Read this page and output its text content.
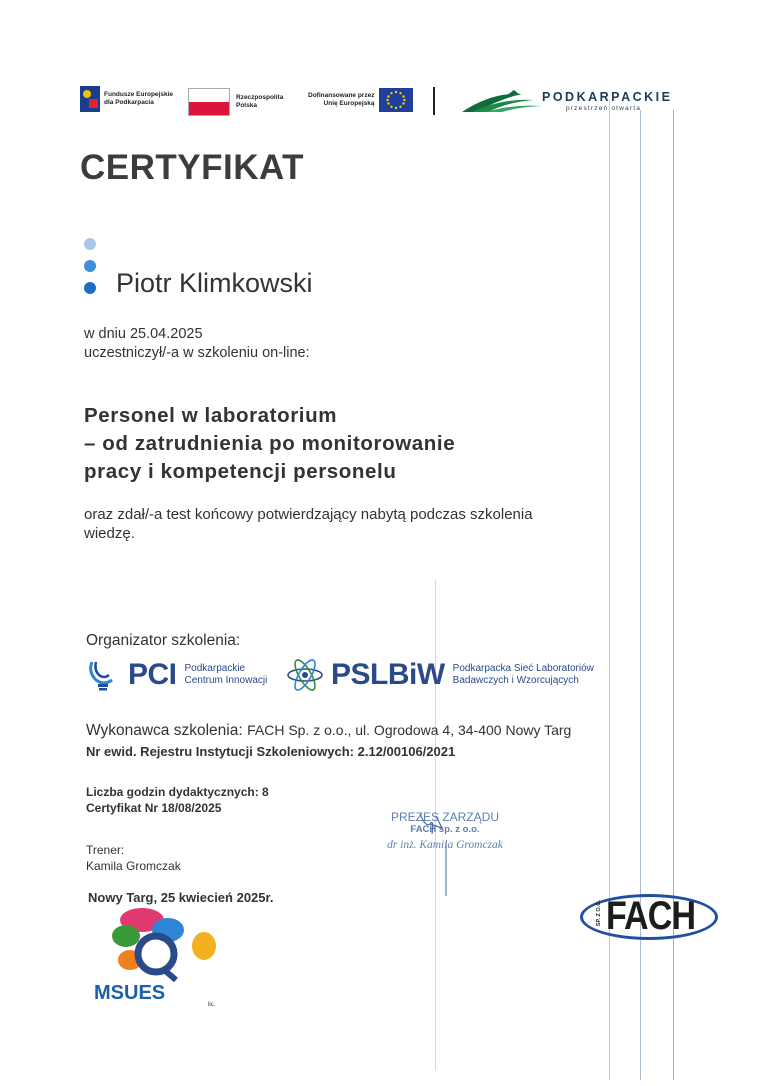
Fundusze Europejskie
dla Podkarpacia
Rzeczpospolita
Polska
Dofinansowane przez
Unię Europejską	PODKARPACKIE
przestrzeń otwarta
CERTYFIKAT
Piotr Klimkowski
w dniu 25.04.2025
uczestniczył/-a w szkoleniu on-line:
Personel w laboratorium
– od zatrudnienia po monitorowanie
pracy i kompetencji personelu
oraz zdał/-a test końcowy potwierdzający nabytą podczas szkolenia
wiedzę.
Organizator szkolenia:
PCI Podkarpackie
Centrum Innowacji PSLBiW Podkarpacka Sieć Laboratoriów
Badawczych i Wzorcujących
Wykonawca szkolenia: FACH Sp. z o.o., ul. Ogrodowa 4, 34-400 Nowy Targ
Nr ewid. Rejestru Instytucji Szkoleniowych: 2.12/00106/2021
Liczba godzin dydaktycznych: 8
Certyfikat Nr 18/08/2025
PREZES ZARZĄDU
FACH sp. z o.o.
dr inż. Kamila Gromczak
Trener:
Kamila Gromczak
Nowy Targ, 25 kwiecień 2025r.
MSUES
lic.
FACH
SP. Z O.O.
